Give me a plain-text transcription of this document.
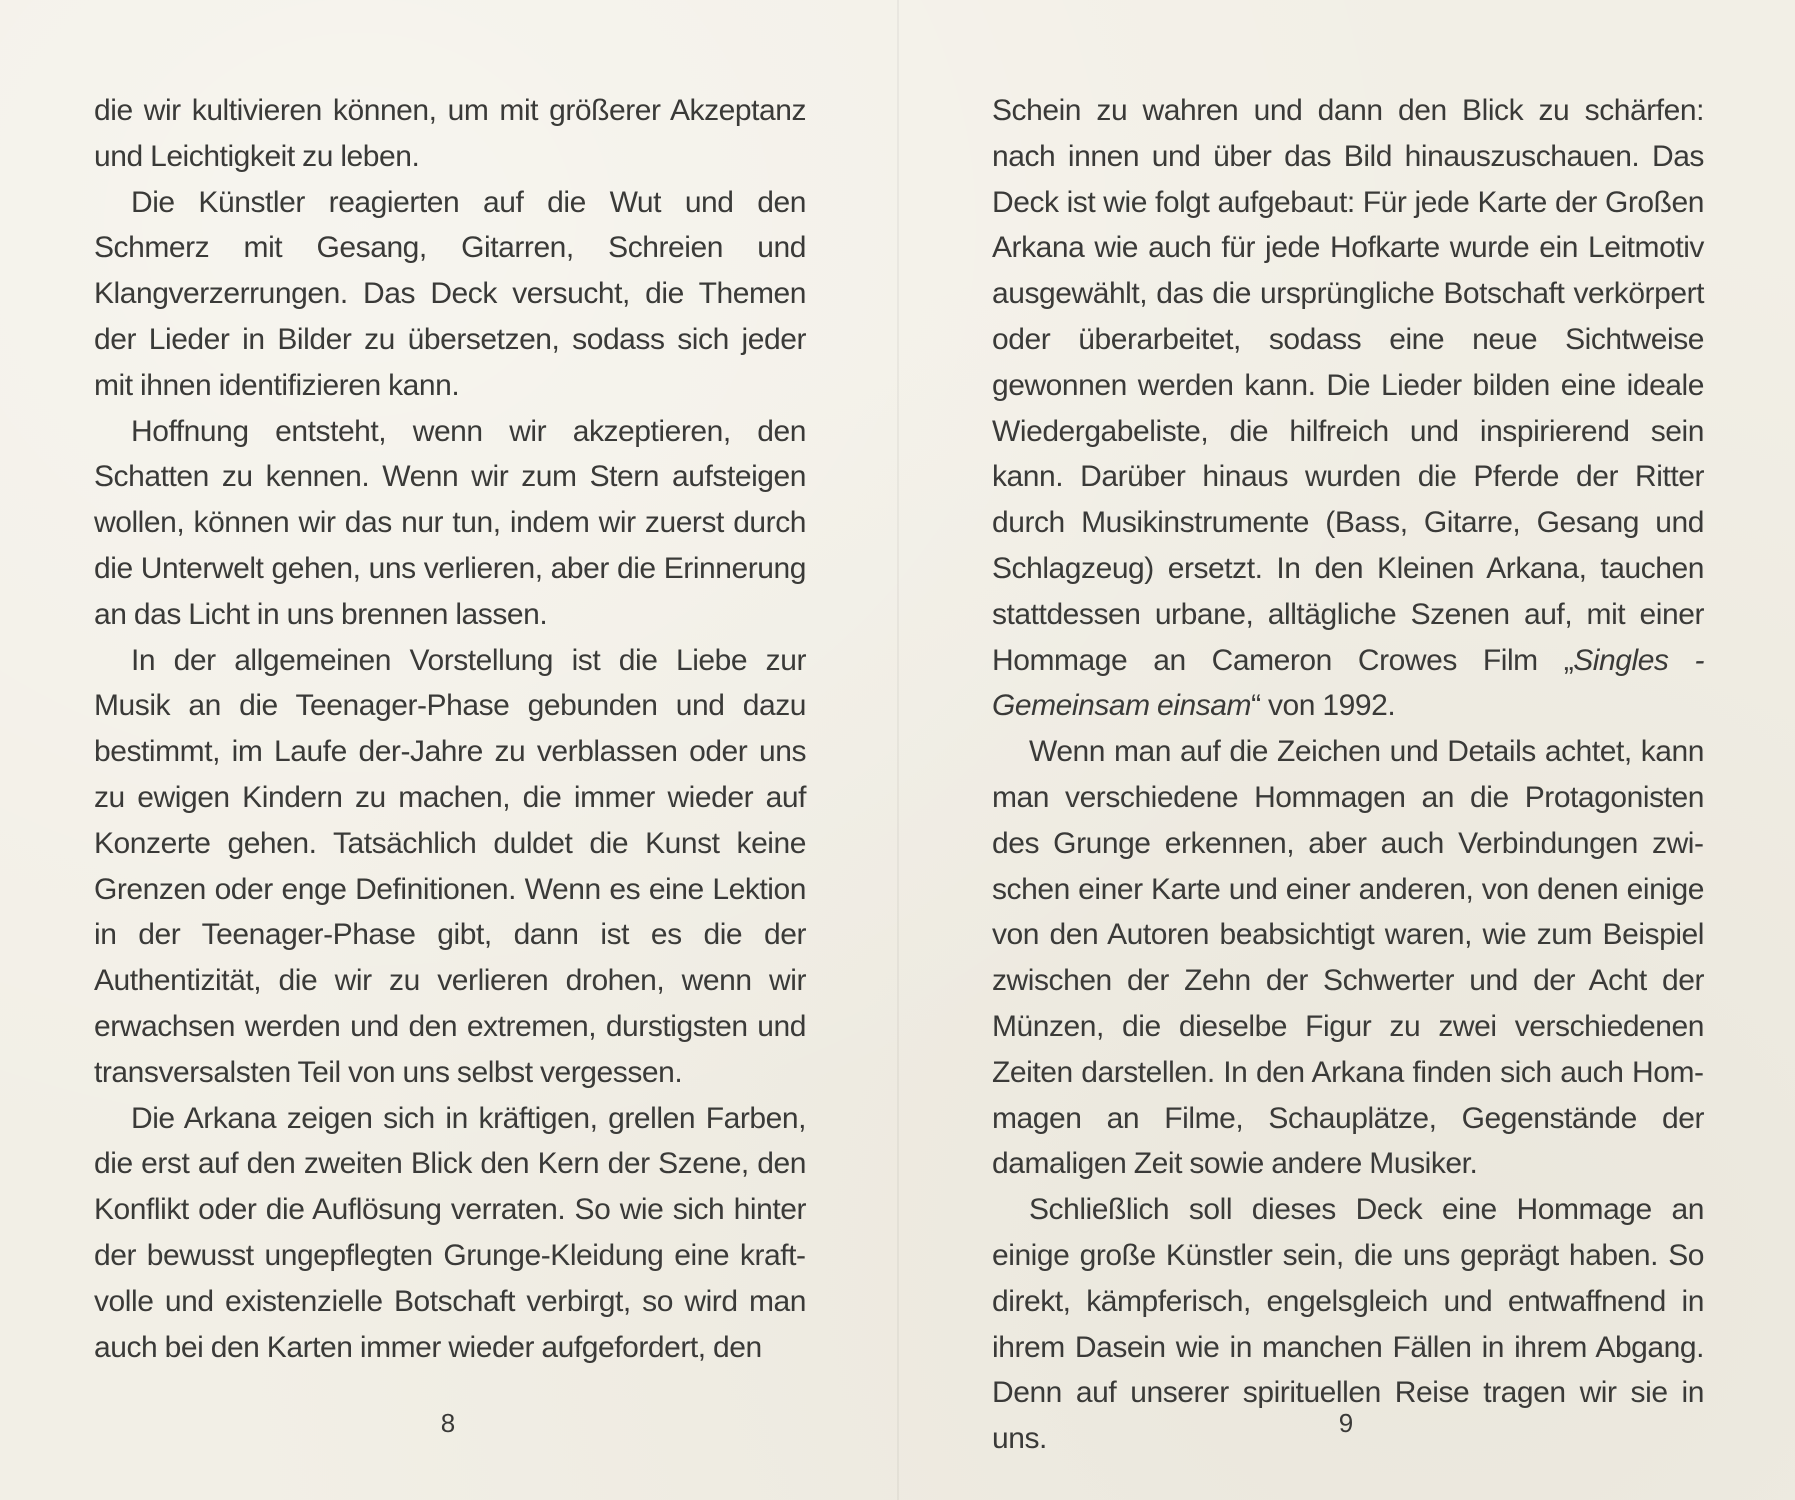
die wir kultivieren können, um mit größerer Akzeptanz und Leichtigkeit zu leben.

Die Künstler reagierten auf die Wut und den Schmerz mit Gesang, Gitarren, Schreien und Klangverzerrungen. Das Deck versucht, die Themen der Lieder in Bilder zu übersetzen, sodass sich jeder mit ihnen identifizieren kann.

Hoffnung entsteht, wenn wir akzeptieren, den Schatten zu kennen. Wenn wir zum Stern aufsteigen wollen, können wir das nur tun, indem wir zuerst durch die Unterwelt gehen, uns verlieren, aber die Erinnerung an das Licht in uns brennen lassen.

In der allgemeinen Vorstellung ist die Liebe zur Musik an die Teenager-Phase gebunden und dazu bestimmt, im Laufe der-Jahre zu verblassen oder uns zu ewigen Kindern zu machen, die immer wieder auf Konzerte gehen. Tatsächlich duldet die Kunst keine Grenzen oder enge Definitionen. Wenn es eine Lektion in der Teenager-Phase gibt, dann ist es die der Authentizität, die wir zu verlieren drohen, wenn wir erwachsen werden und den extremen, durstigsten und transversalsten Teil von uns selbst vergessen.

Die Arkana zeigen sich in kräftigen, grellen Farben, die erst auf den zweiten Blick den Kern der Szene, den Konflikt oder die Auflösung verraten. So wie sich hinter der bewusst ungepflegten Grunge-Kleidung eine kraftvolle und existenzielle Botschaft verbirgt, so wird man auch bei den Karten immer wieder aufgefordert, den

Schein zu wahren und dann den Blick zu schärfen: nach innen und über das Bild hinauszuschauen. Das Deck ist wie folgt aufgebaut: Für jede Karte der Großen Arkana wie auch für jede Hofkarte wurde ein Leitmotiv ausgewählt, das die ursprüngliche Botschaft verkörpert oder überarbeitet, sodass eine neue Sichtweise gewonnen werden kann. Die Lieder bilden eine ideale Wiedergabeliste, die hilfreich und inspirierend sein kann. Darüber hinaus wurden die Pferde der Ritter durch Musikinstrumente (Bass, Gitarre, Gesang und Schlagzeug) ersetzt. In den Kleinen Arkana, tauchen stattdessen urbane, alltägliche Szenen auf, mit einer Hommage an Cameron Crowes Film „Singles - Gemeinsam einsam“ von 1992.

Wenn man auf die Zeichen und Details achtet, kann man verschiedene Hommagen an die Protagonisten des Grunge erkennen, aber auch Verbindungen zwischen einer Karte und einer anderen, von denen einige von den Autoren beabsichtigt waren, wie zum Beispiel zwischen der Zehn der Schwerter und der Acht der Münzen, die dieselbe Figur zu zwei verschiedenen Zeiten darstellen. In den Arkana finden sich auch Hommagen an Filme, Schauplätze, Gegenstände der damaligen Zeit sowie andere Musiker.

Schließlich soll dieses Deck eine Hommage an einige große Künstler sein, die uns geprägt haben. So direkt, kämpferisch, engelsgleich und entwaffnend in ihrem Dasein wie in manchen Fällen in ihrem Abgang. Denn auf unserer spirituellen Reise tragen wir sie in uns.

8	9
